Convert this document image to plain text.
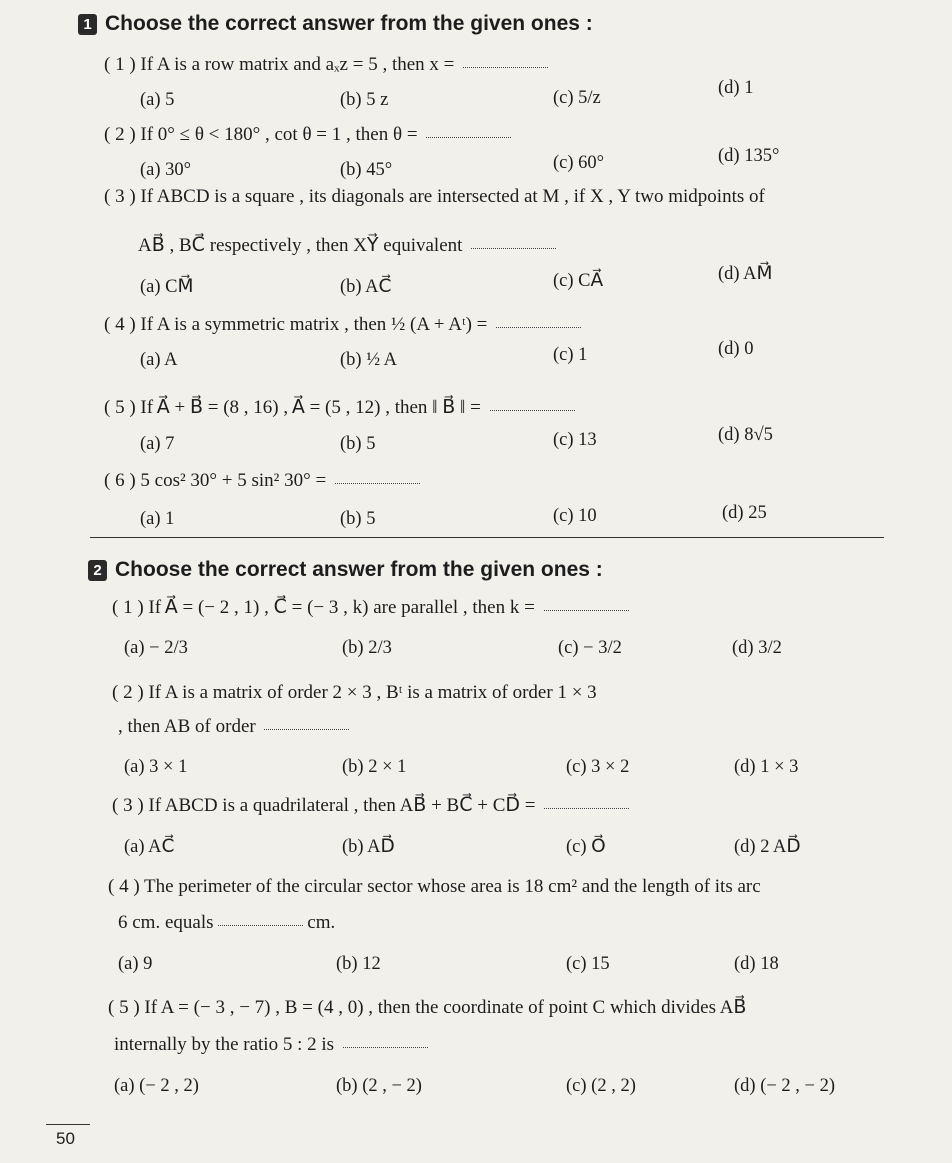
1 Choose the correct answer from the given ones :
( 1 ) If A is a row matrix and aₓz = 5 , then x =
(a) 5	(b) 5 z	(c) 5/z	(d) 1
( 2 ) If 0° ≤ θ < 180° , cot θ = 1 , then θ =
(a) 30°	(b) 45°	(c) 60°	(d) 135°
( 3 ) If ABCD is a square , its diagonals are intersected at M , if X , Y two midpoints of
AB⃗ , BC⃗ respectively , then XY⃗ equivalent
(a) CM⃗	(b) AC⃗	(c) CA⃗	(d) AM⃗
( 4 ) If A is a symmetric matrix , then ½ (A + Aᵗ) =
(a) A	(b) ½ A	(c) 1	(d) 0
( 5 ) If A⃗ + B⃗ = (8 , 16) , A⃗ = (5 , 12) , then ‖ B⃗ ‖ =
(a) 7	(b) 5	(c) 13	(d) 8√5
( 6 ) 5 cos² 30° + 5 sin² 30° =
(a) 1	(b) 5	(c) 10	(d) 25
2 Choose the correct answer from the given ones :
( 1 ) If A⃗ = (− 2 , 1) , C⃗ = (− 3 , k) are parallel , then k =
(a) − 2/3	(b) 2/3	(c) − 3/2	(d) 3/2
( 2 ) If A is a matrix of order 2 × 3 , Bᵗ is a matrix of order 1 × 3
, then AB of order
(a) 3 × 1	(b) 2 × 1	(c) 3 × 2	(d) 1 × 3
( 3 ) If ABCD is a quadrilateral , then AB⃗ + BC⃗ + CD⃗ =
(a) AC⃗	(b) AD⃗	(c) O⃗	(d) 2 AD⃗
( 4 ) The perimeter of the circular sector whose area is 18 cm² and the length of its arc
6 cm. equals	cm.
(a) 9	(b) 12	(c) 15	(d) 18
( 5 ) If A = (− 3 , − 7) , B = (4 , 0) , then the coordinate of point C which divides AB⃗
internally by the ratio 5 : 2 is
(a) (− 2 , 2)	(b) (2 , − 2)	(c) (2 , 2)	(d) (− 2 , − 2)
50
